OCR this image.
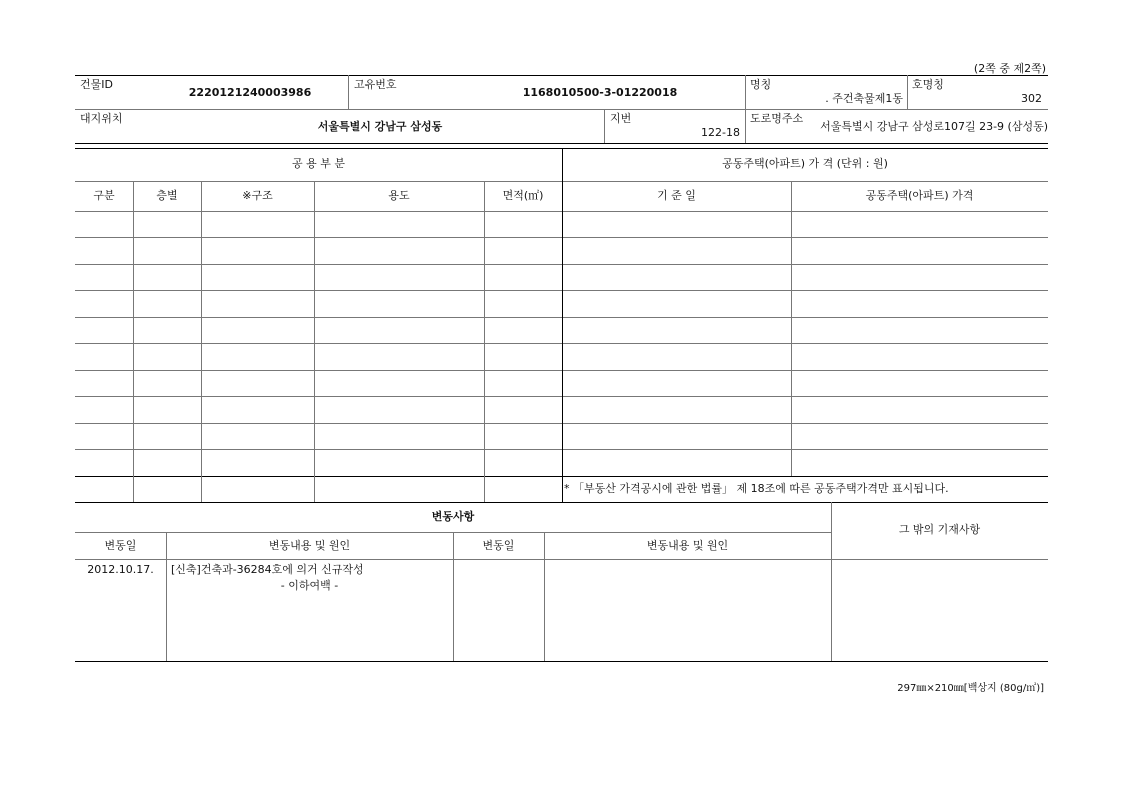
(2쪽 중 제2쪽)
건물ID
2220121240003986
고유번호
1168010500-3-01220018
명칭
. 주건축물제1동
호명칭
302
대지위치
서울특별시 강남구 삼성동
지번
122-18
도로명주소
서울특별시 강남구 삼성로107길 23-9 (삼성동)
공 용 부 분	공동주택(아파트) 가 격 (단위 : 원)
구분	층별	※구조	용도	면적(㎡)	기 준 일	공동주택(아파트) 가격
* 「부동산 가격공시에 관한 법률」 제 18조에 따른 공동주택가격만 표시됩니다.
변동사항
그 밖의 기재사항
변동일	변동내용 및 원인	변동일	변동내용 및 원인
2012.10.17.	[신축]건축과-36284호에 의거 신규작성
- 이하여백 -
297㎜×210㎜[백상지 (80g/㎡)]
